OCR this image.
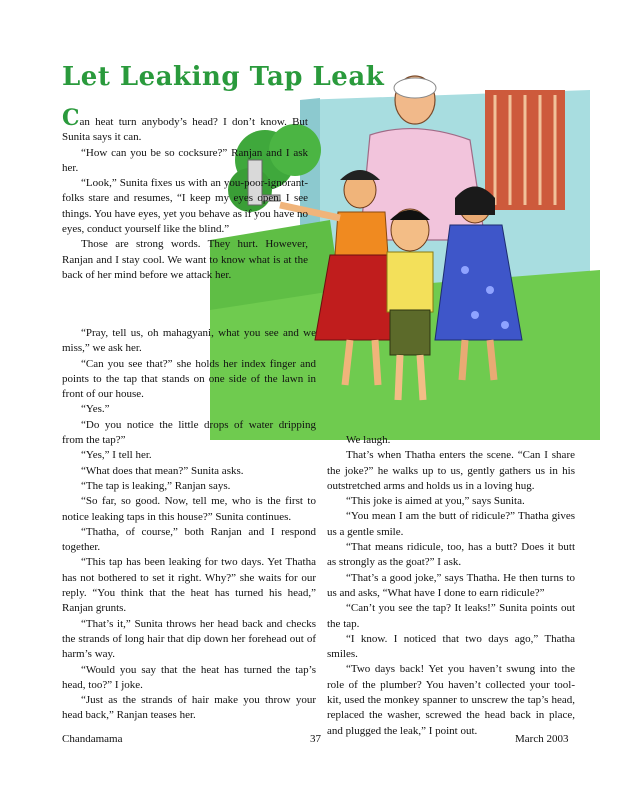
Let Leaking Tap Leak

Can heat turn anybody’s head? I don’t know. But Sunita says it can.

“How can you be so cocksure?” Ranjan and I ask her.

“Look,” Sunita fixes us with an you-poor-ignorant-folks stare and resumes, “I keep my eyes open. I see things. You have eyes, yet you behave as if you have no eyes, conduct yourself like the blind.”

Those are strong words. They hurt. However, Ranjan and I stay cool. We want to know what is at the back of her mind before we attack her.

“Pray, tell us, oh mahagyani, what you see and we miss,” we ask her.

“Can you see that?” she holds her index finger and points to the tap that stands on one side of the lawn in front of our house.

“Yes.”

“Do you notice the little drops of water dripping from the tap?”

“Yes,” I tell her.

“What does that mean?” Sunita asks.

“The tap is leaking,” Ranjan says.

“So far, so good. Now, tell me, who is the first to notice leaking taps in this house?” Sunita continues.

“Thatha, of course,” both Ranjan and I respond together.

“This tap has been leaking for two days. Yet Thatha has not bothered to set it right. Why?” she waits for our reply. “You think that the heat has turned his head,” Ranjan grunts.

“That’s it,” Sunita throws her head back and checks the strands of long hair that dip down her forehead out of harm’s way.

“Would you say that the heat has turned the tap’s head, too?” I joke.

“Just as the strands of hair make you throw your head back,” Ranjan teases her.

We laugh.

That’s when Thatha enters the scene. “Can I share the joke?” he walks up to us, gently gathers us in his outstretched arms and holds us in a loving hug.

“This joke is aimed at you,” says Sunita.

“You mean I am the butt of ridicule?” Thatha gives us a gentle smile.

“That means ridicule, too, has a butt? Does it butt as strongly as the goat?” I ask.

“That’s a good joke,” says Thatha. He then turns to us and asks, “What have I done to earn ridicule?”

“Can’t you see the tap? It leaks!” Sunita points out the tap.

“I know. I noticed that two days ago,” Thatha smiles.

“Two days back! Yet you haven’t swung into the role of the plumber? You haven’t collected your tool-kit, used the monkey spanner to unscrew the tap’s head, replaced the washer, screwed the head back in place, and plugged the leak,” I point out.

Chandamama	37	March 2003
